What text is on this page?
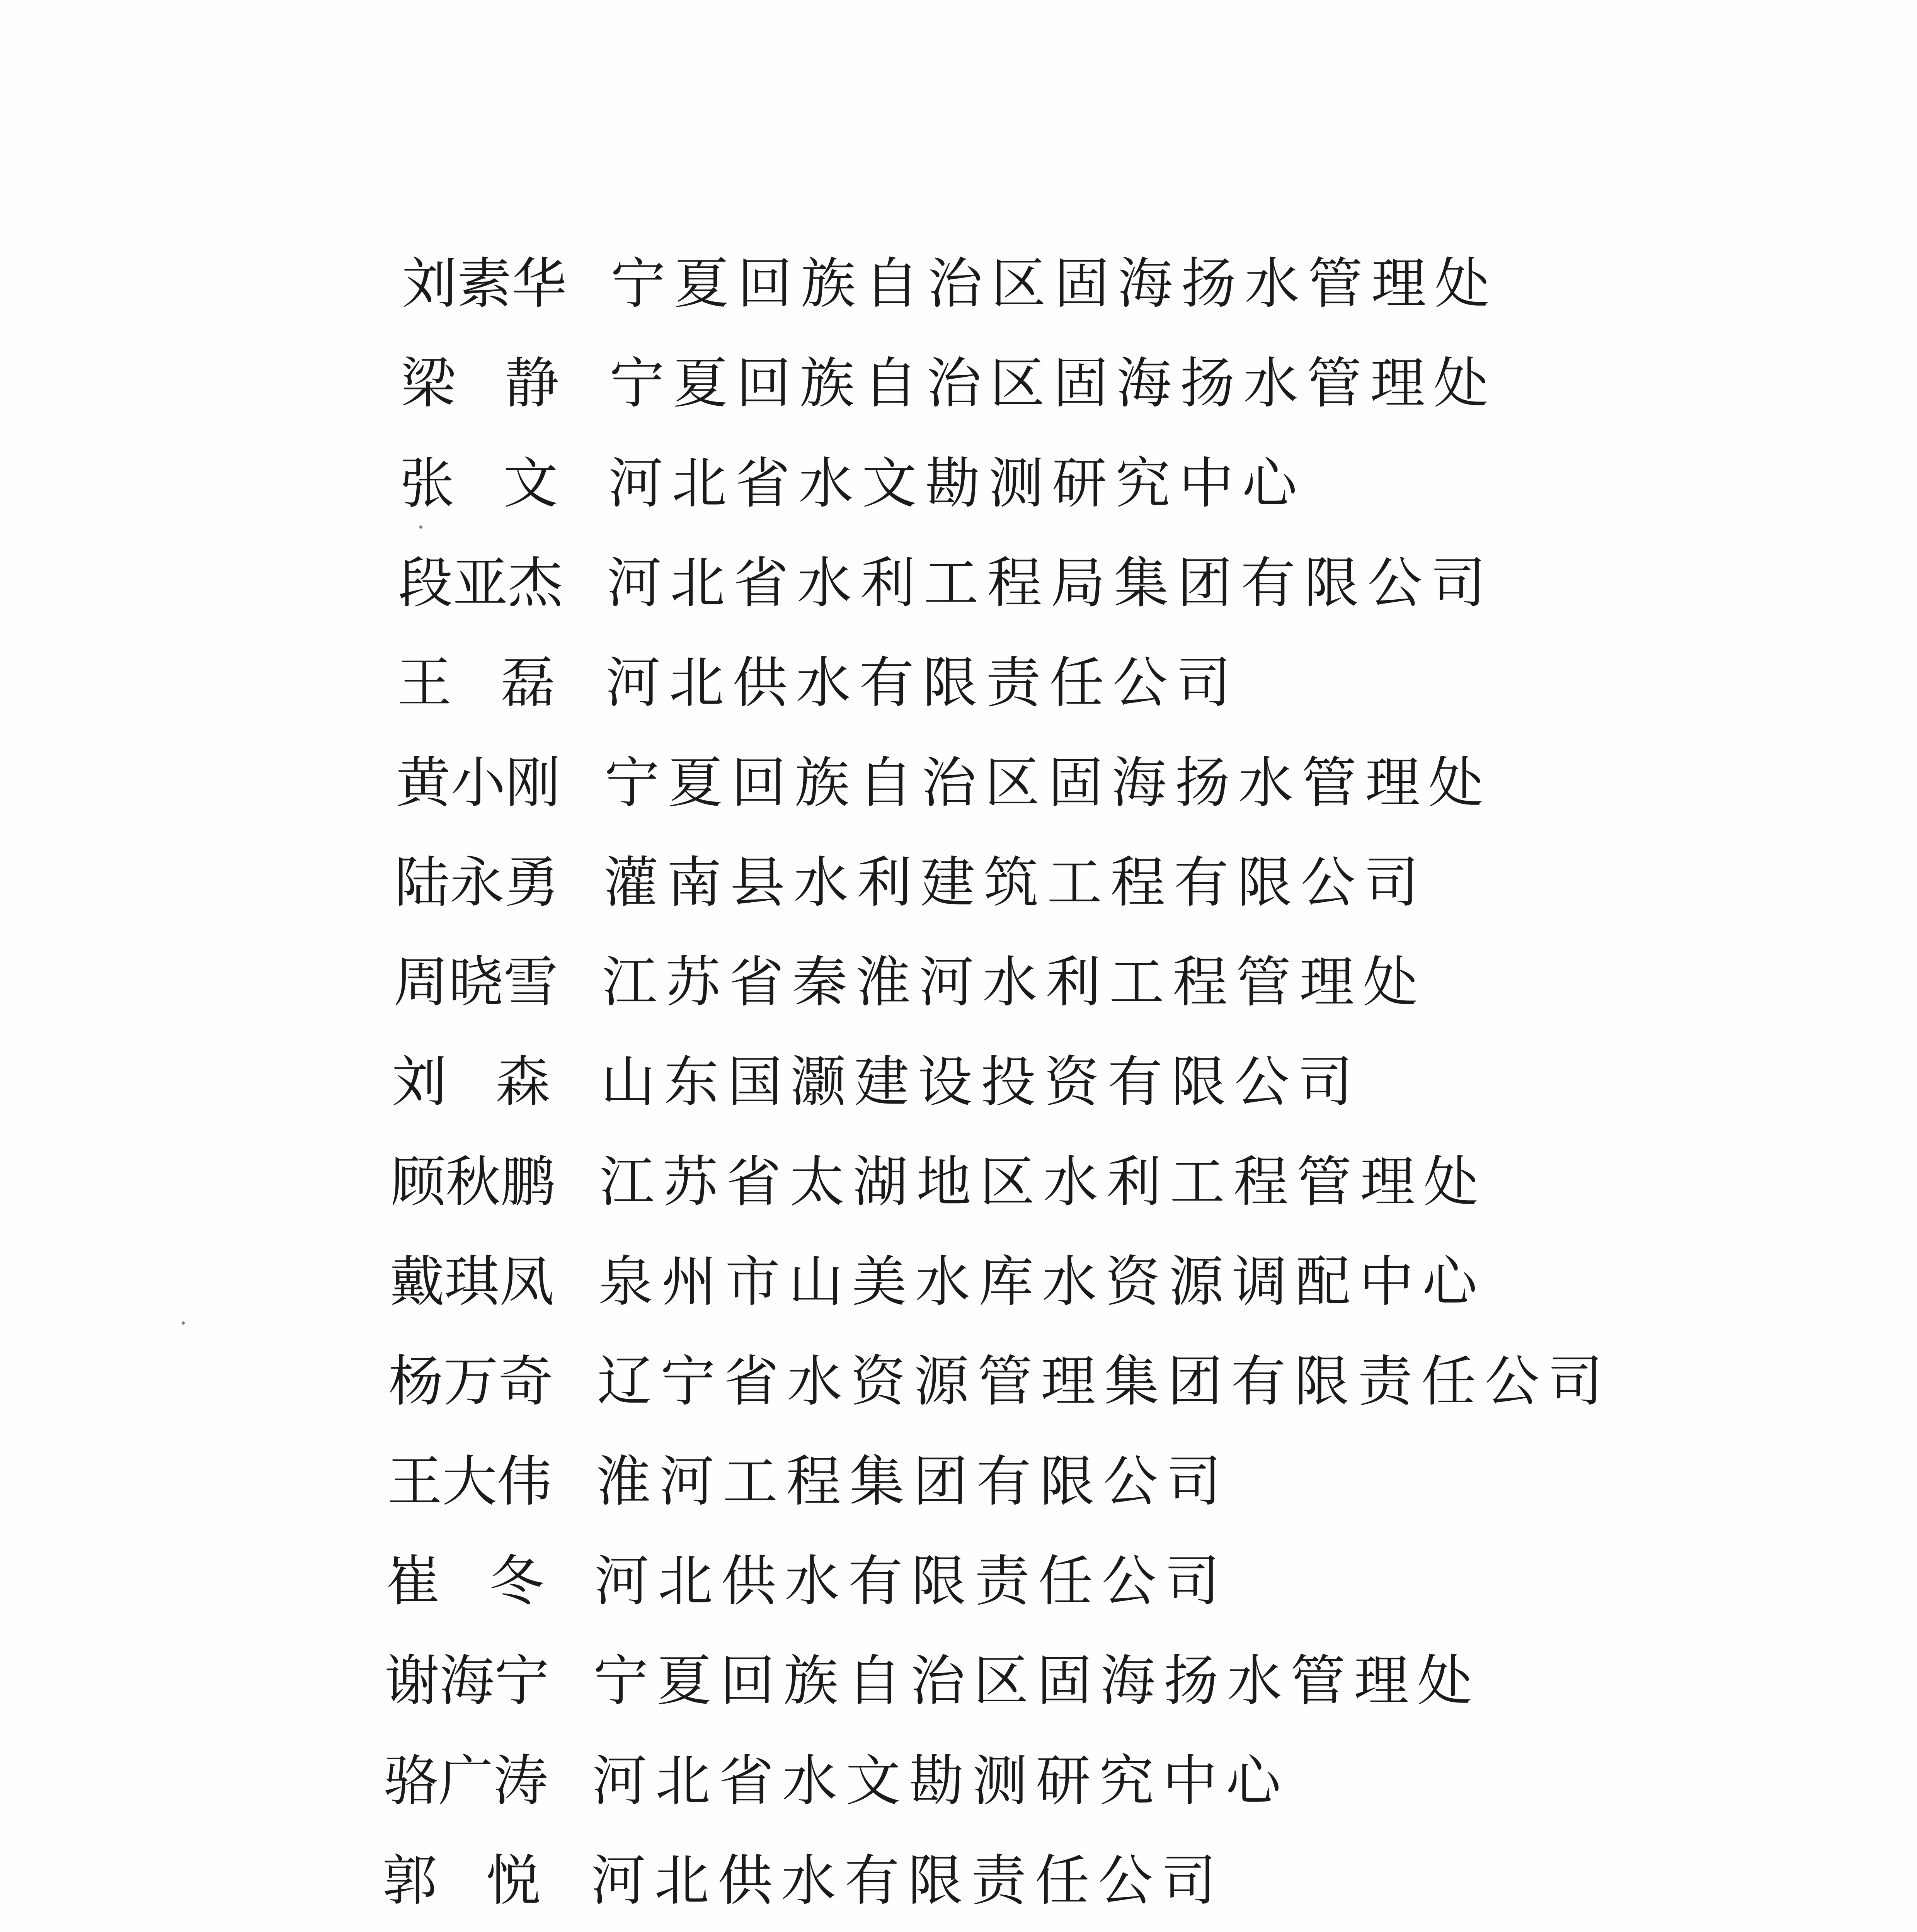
刘 素 华 宁夏回族自治区固海扬水管理处
梁 静 宁夏回族自治区固海扬水管理处
张 文 河北省水文勘测研究中心
段 亚 杰 河北省水利工程局集团有限公司
王 磊 河北供水有限责任公司
黄 小 刚 宁夏回族自治区固海扬水管理处
陆 永 勇 灌南县水利建筑工程有限公司
周 晓 雪 江苏省秦淮河水利工程管理处
刘 森 山东国灏建设投资有限公司
顾 秋 鹏 江苏省太湖地区水利工程管理处
戴 琪 凤 泉州市山美水库水资源调配中心
杨 万 奇 辽宁省水资源管理集团有限责任公司
王 大 伟 淮河工程集团有限公司
崔 冬 河北供水有限责任公司
谢 海 宁 宁夏回族自治区固海扬水管理处
骆 广 涛 河北省水文勘测研究中心
郭 悦 河北供水有限责任公司
